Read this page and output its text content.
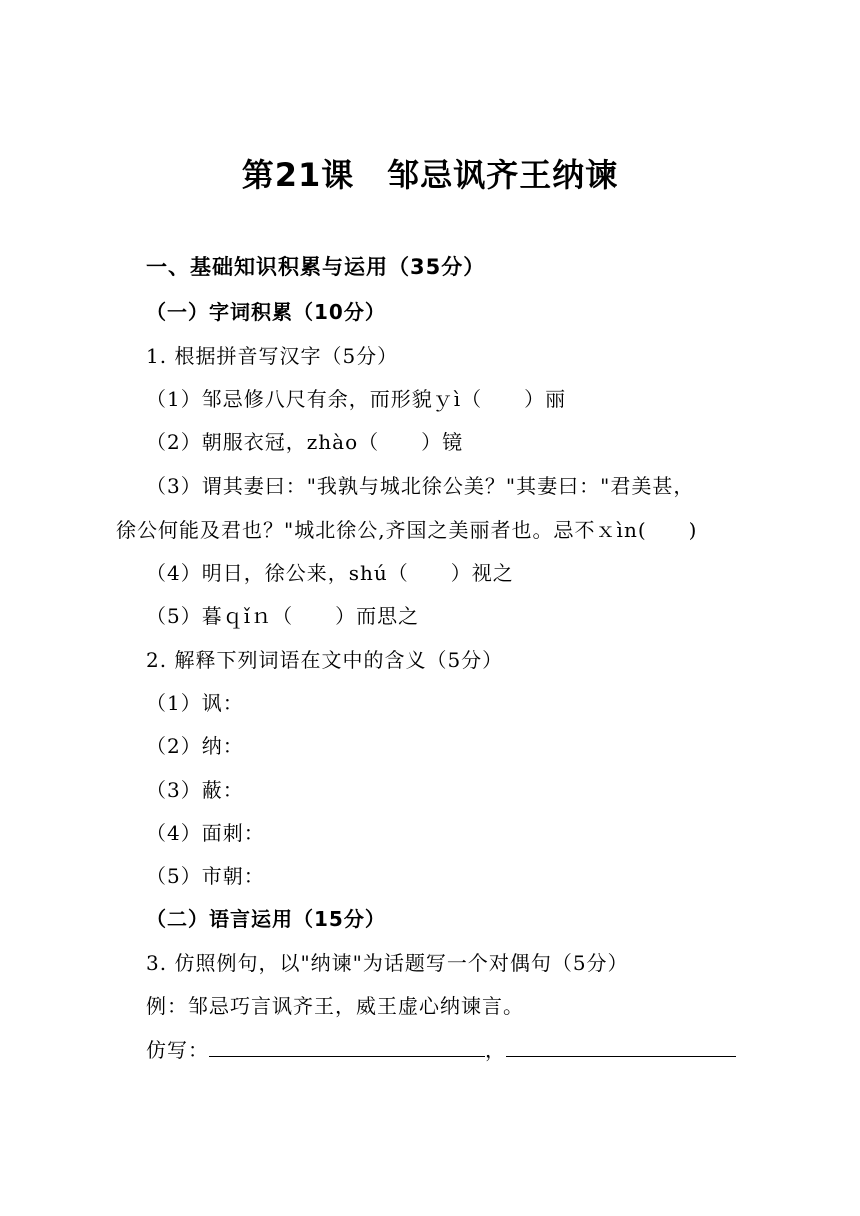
第21课　邹忌讽齐王纳谏
一、基础知识积累与运用（35分）
（一）字词积累（10分）
1. 根据拼音写汉字（5分）
（1）邹忌修八尺有余，而形貌ｙì（　　）丽
（2）朝服衣冠，zhào（　　）镜
（3）谓其妻曰："我孰与城北徐公美？"其妻曰："君美甚，
徐公何能及君也？"城北徐公,齐国之美丽者也。忌不ｘìn(　　)
（4）明日，徐公来，shú（　　）视之
（5）暮ｑǐｎ（　　）而思之
2. 解释下列词语在文中的含义（5分）
（1）讽：
（2）纳：
（3）蔽：
（4）面刺：
（5）市朝：
（二）语言运用（15分）
3. 仿照例句，以"纳谏"为话题写一个对偶句（5分）
例：邹忌巧言讽齐王，威王虚心纳谏言。
仿写：	，
